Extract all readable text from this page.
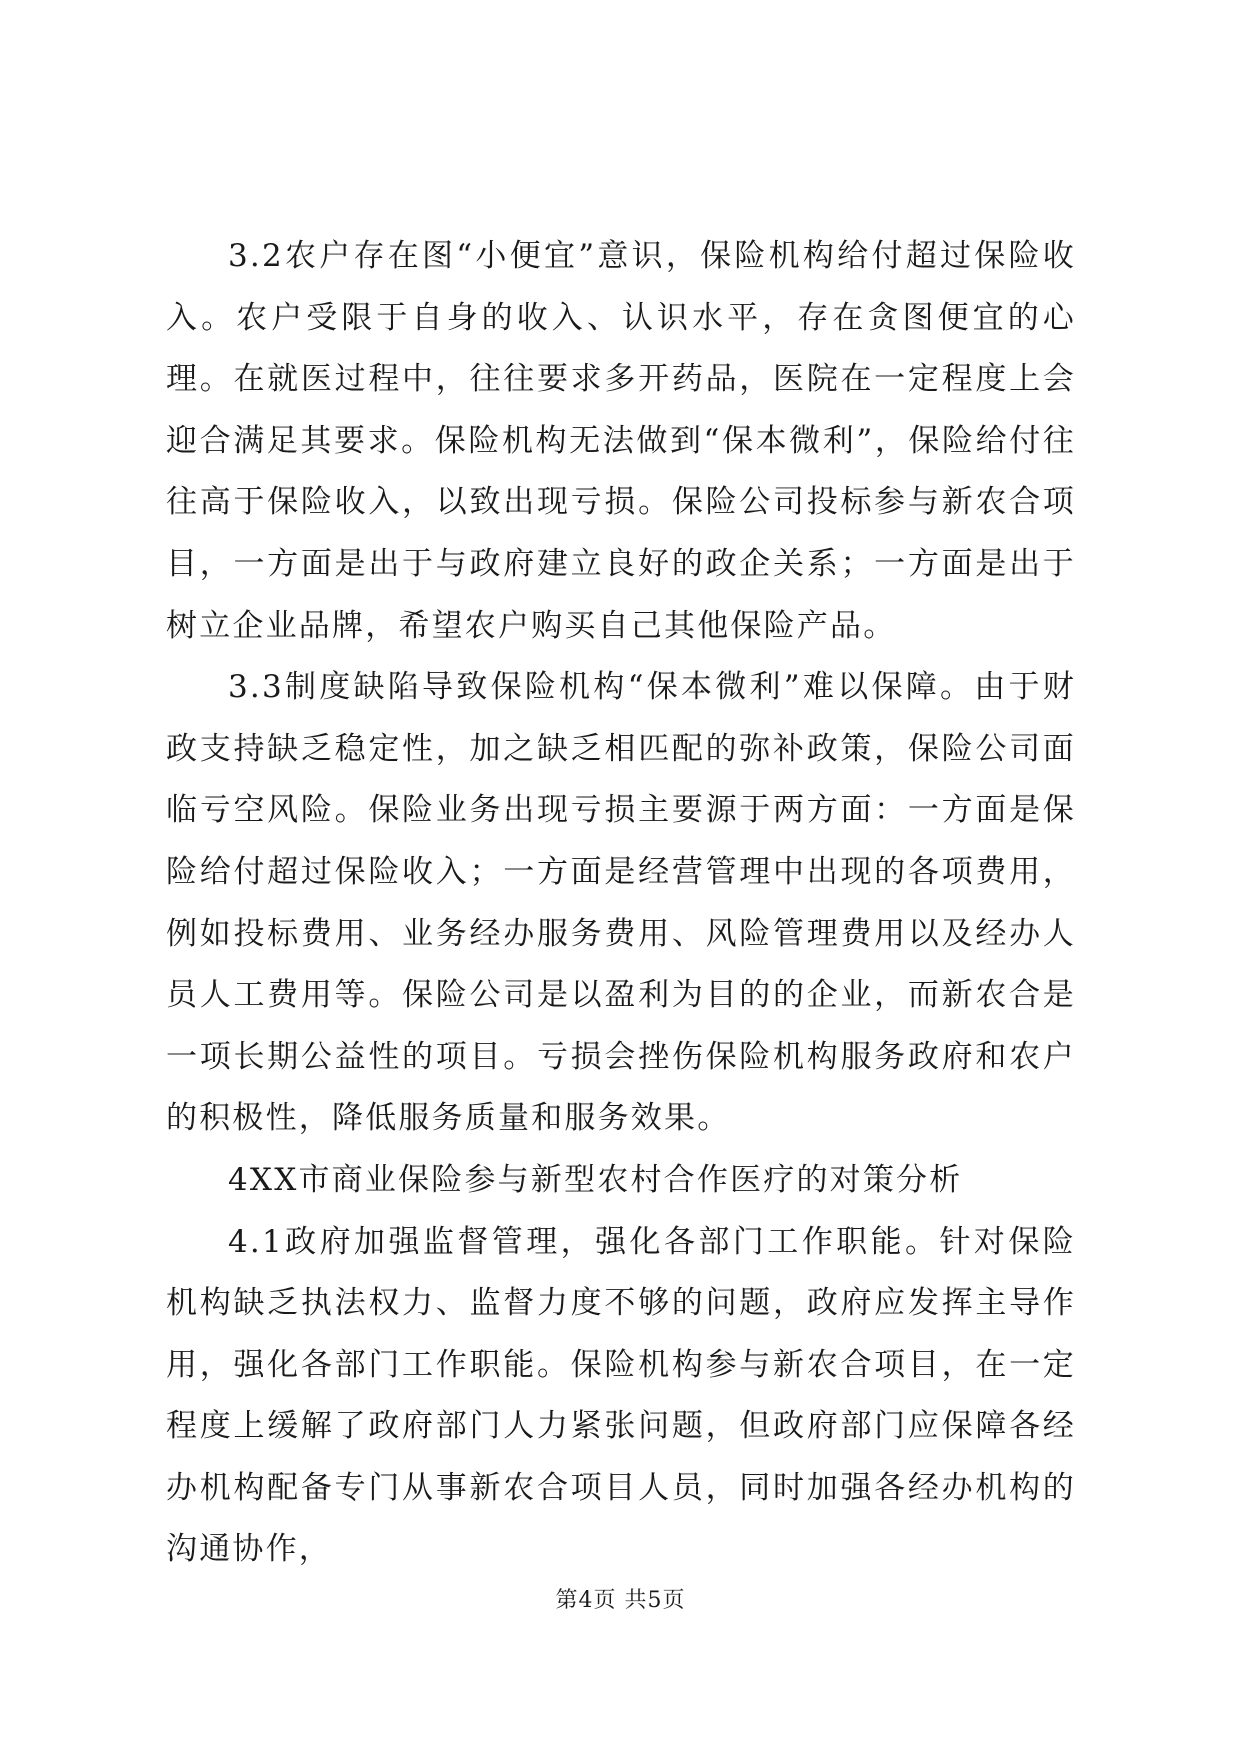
3.2农户存在图“小便宜”意识，保险机构给付超过保险收入。农户受限于自身的收入、认识水平，存在贪图便宜的心理。在就医过程中，往往要求多开药品，医院在一定程度上会迎合满足其要求。保险机构无法做到“保本微利”，保险给付往往高于保险收入，以致出现亏损。保险公司投标参与新农合项目，一方面是出于与政府建立良好的政企关系；一方面是出于树立企业品牌，希望农户购买自己其他保险产品。

3.3制度缺陷导致保险机构“保本微利”难以保障。由于财政支持缺乏稳定性，加之缺乏相匹配的弥补政策，保险公司面临亏空风险。保险业务出现亏损主要源于两方面：一方面是保险给付超过保险收入；一方面是经营管理中出现的各项费用，例如投标费用、业务经办服务费用、风险管理费用以及经办人员人工费用等。保险公司是以盈利为目的的企业，而新农合是一项长期公益性的项目。亏损会挫伤保险机构服务政府和农户的积极性，降低服务质量和服务效果。

4XX市商业保险参与新型农村合作医疗的对策分析

4.1政府加强监督管理，强化各部门工作职能。针对保险机构缺乏执法权力、监督力度不够的问题，政府应发挥主导作用，强化各部门工作职能。保险机构参与新农合项目，在一定程度上缓解了政府部门人力紧张问题，但政府部门应保障各经办机构配备专门从事新农合项目人员，同时加强各经办机构的沟通协作，

第4页 共5页
